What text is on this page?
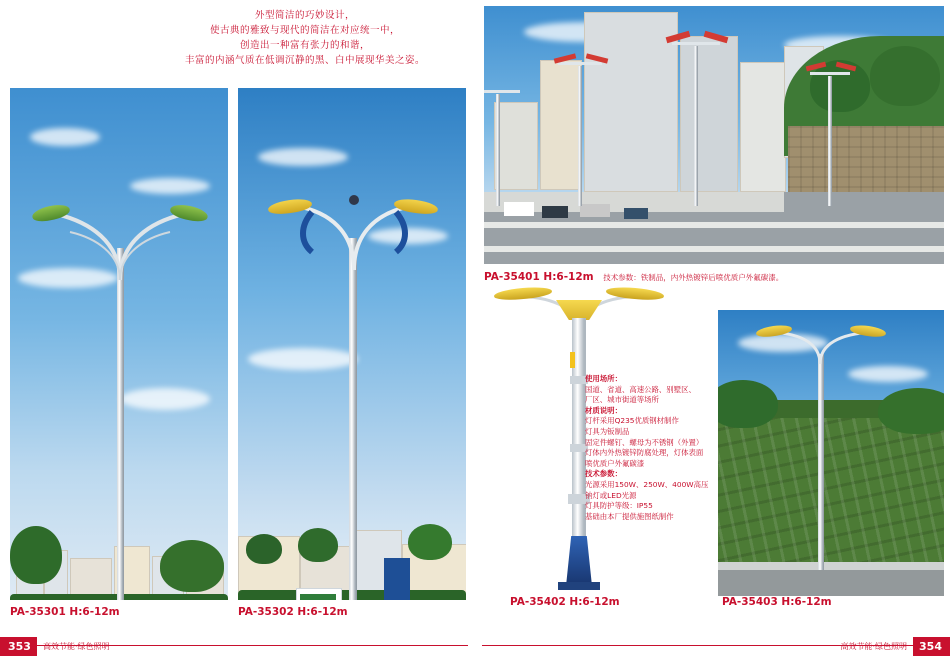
外型简洁的巧妙设计，
使古典的雅致与现代的简洁在对应统一中，
创造出一种富有张力的和谐，
丰富的内涵气质在低调沉静的黑、白中展现华美之姿。
PA-35301 H:6-12m	PA-35302 H:6-12m
PA-35401 H:6-12m 技术参数：铁制品，内外热镀锌后喷优质户外氟碳漆。
PA-35402 H:6-12m
使用场所：
国道、省道、高速公路、别墅区、
厂区、城市街道等场所
材质说明：
灯杆采用Q235优质钢材制作
灯具为钣制品
固定件螺钉、螺母为不锈钢（外置）
灯体内外热镀锌防腐处理，灯体表面
喷优质户外氟碳漆
技术参数：
光源采用150W、250W、400W高压
钠灯或LED光源
灯具防护等级：IP55
基础由本厂提供施图纸制作
PA-35403 H:6-12m
353	高效节能·绿色照明	高效节能·绿色照明	354
